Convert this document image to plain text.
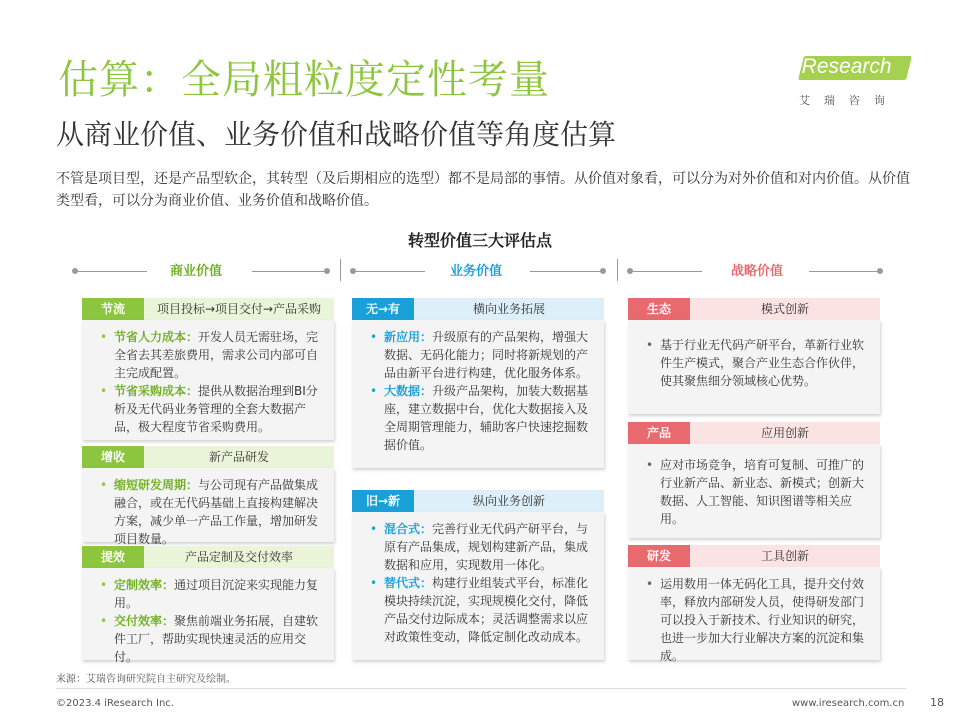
估算：全局粗粒度定性考量
从商业价值、业务价值和战略价值等角度估算
iResearch
艾瑞咨询
不管是项目型，还是产品型软企，其转型（及后期相应的选型）都不是局部的事情。从价值对象看，可以分为对外价值和对内价值。从价值类型看，可以分为商业价值、业务价值和战略价值。
转型价值三大评估点
商业价值	业务价值	战略价值
节流	项目投标→项目交付→产品采购
• 节省人力成本：开发人员无需驻场，完全省去其差旅费用，需求公司内部可自主完成配置。
• 节省采购成本：提供从数据治理到BI分析及无代码业务管理的全套大数据产品，极大程度节省采购费用。
增收	新产品研发
• 缩短研发周期：与公司现有产品做集成融合，或在无代码基础上直接构建解决方案，减少单一产品工作量，增加研发项目数量。
提效	产品定制及交付效率
• 定制效率：通过项目沉淀来实现能力复用。
• 交付效率：聚焦前端业务拓展，自建软件工厂，帮助实现快速灵活的应用交付。
无→有	横向业务拓展
• 新应用：升级原有的产品架构，增强大数据、无码化能力；同时将新规划的产品由新平台进行构建，优化服务体系。
• 大数据：升级产品架构，加装大数据基座，建立数据中台，优化大数据接入及全周期管理能力，辅助客户快速挖掘数据价值。
旧→新	纵向业务创新
• 混合式：完善行业无代码产研平台，与原有产品集成，规划构建新产品，集成数据和应用，实现数用一体化。
• 替代式：构建行业组装式平台，标准化模块持续沉淀，实现规模化交付，降低产品交付边际成本；灵活调整需求以应对政策性变动，降低定制化改动成本。
生态	模式创新
• 基于行业无代码产研平台，革新行业软件生产模式，聚合产业生态合作伙伴，使其聚焦细分领域核心优势。
产品	应用创新
• 应对市场竞争，培育可复制、可推广的行业新产品、新业态、新模式；创新大数据、人工智能、知识图谱等相关应用。
研发	工具创新
• 运用数用一体无码化工具，提升交付效率，释放内部研发人员，使得研发部门可以投入于新技术、行业知识的研究，也进一步加大行业解决方案的沉淀和集成。
来源：艾瑞咨询研究院自主研究及绘制。
©2023.4 iResearch Inc.	www.iresearch.com.cn 18
